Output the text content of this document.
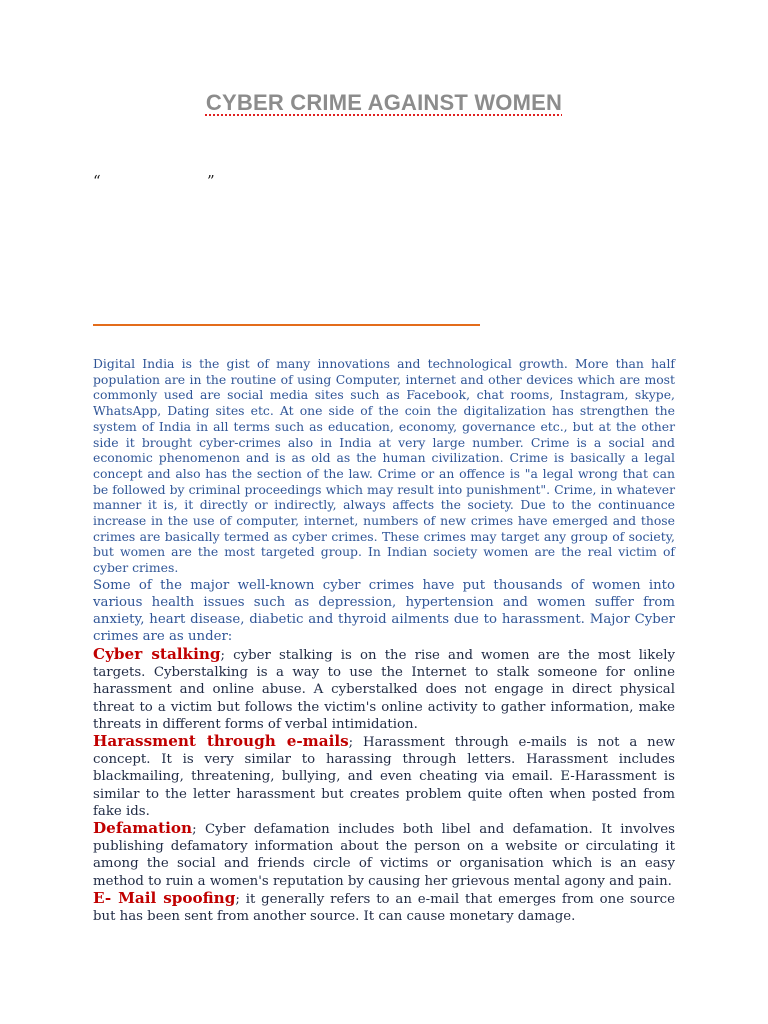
CYBER CRIME AGAINST WOMEN
“	”

Digital India is the gist of many innovations and technological growth. More than half population are in the routine of using Computer, internet and other devices which are most commonly used are social media sites such as Facebook, chat rooms, Instagram, skype, WhatsApp, Dating sites etc. At one side of the coin the digitalization has strengthen the system of India in all terms such as education, economy, governance etc., but at the other side it brought cyber-crimes also in India at very large number. Crime is a social and economic phenomenon and is as old as the human civilization. Crime is basically a legal concept and also has the section of the law. Crime or an offence is "a legal wrong that can be followed by criminal proceedings which may result into punishment". Crime, in whatever manner it is, it directly or indirectly, always affects the society. Due to the continuance increase in the use of computer, internet, numbers of new crimes have emerged and those crimes are basically termed as cyber crimes. These crimes may target any group of society, but women are the most targeted group. In Indian society women are the real victim of cyber crimes.

Some of the major well-known cyber crimes have put thousands of women into various health issues such as depression, hypertension and women suffer from anxiety, heart disease, diabetic and thyroid ailments due to harassment. Major Cyber crimes are as under:

Cyber stalking; cyber stalking is on the rise and women are the most likely targets. Cyberstalking is a way to use the Internet to stalk someone for online harassment and online abuse. A cyberstalked does not engage in direct physical threat to a victim but follows the victim's online activity to gather information, make threats in different forms of verbal intimidation.

Harassment through e-mails; Harassment through e-mails is not a new concept. It is very similar to harassing through letters. Harassment includes blackmailing, threatening, bullying, and even cheating via email. E-Harassment is similar to the letter harassment but creates problem quite often when posted from fake ids.

Defamation; Cyber defamation includes both libel and defamation. It involves publishing defamatory information about the person on a website or circulating it among the social and friends circle of victims or organisation which is an easy method to ruin a women's reputation by causing her grievous mental agony and pain.

E- Mail spoofing; it generally refers to an e-mail that emerges from one source but has been sent from another source. It can cause monetary damage.
